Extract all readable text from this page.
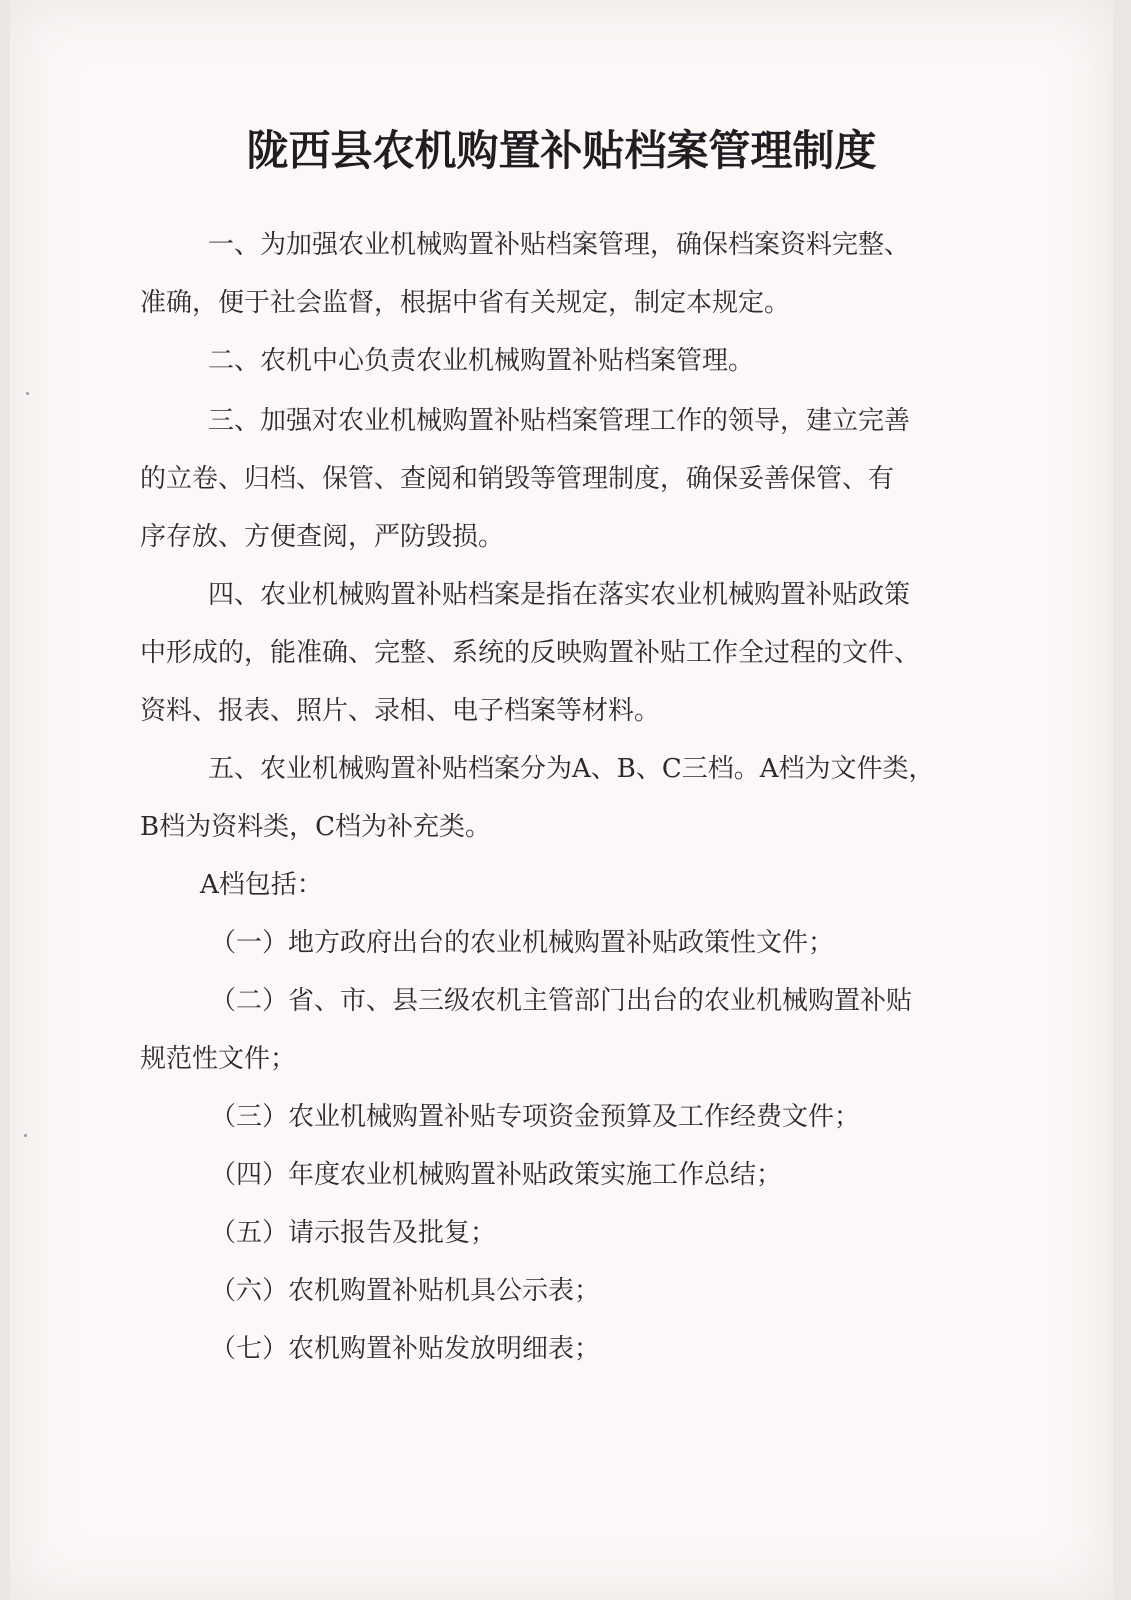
陇西县农机购置补贴档案管理制度
一、为加强农业机械购置补贴档案管理，确保档案资料完整、
准确，便于社会监督，根据中省有关规定，制定本规定。
二、农机中心负责农业机械购置补贴档案管理。
三、加强对农业机械购置补贴档案管理工作的领导，建立完善
的立卷、归档、保管、查阅和销毁等管理制度，确保妥善保管、有
序存放、方便查阅，严防毁损。
四、农业机械购置补贴档案是指在落实农业机械购置补贴政策
中形成的，能准确、完整、系统的反映购置补贴工作全过程的文件、
资料、报表、照片、录相、电子档案等材料。
五、农业机械购置补贴档案分为A、B、C三档。A档为文件类，
B档为资料类，C档为补充类。
A档包括：
（一）地方政府出台的农业机械购置补贴政策性文件；
（二）省、市、县三级农机主管部门出台的农业机械购置补贴
规范性文件；
（三）农业机械购置补贴专项资金预算及工作经费文件；
（四）年度农业机械购置补贴政策实施工作总结；
（五）请示报告及批复；
（六）农机购置补贴机具公示表；
（七）农机购置补贴发放明细表；
